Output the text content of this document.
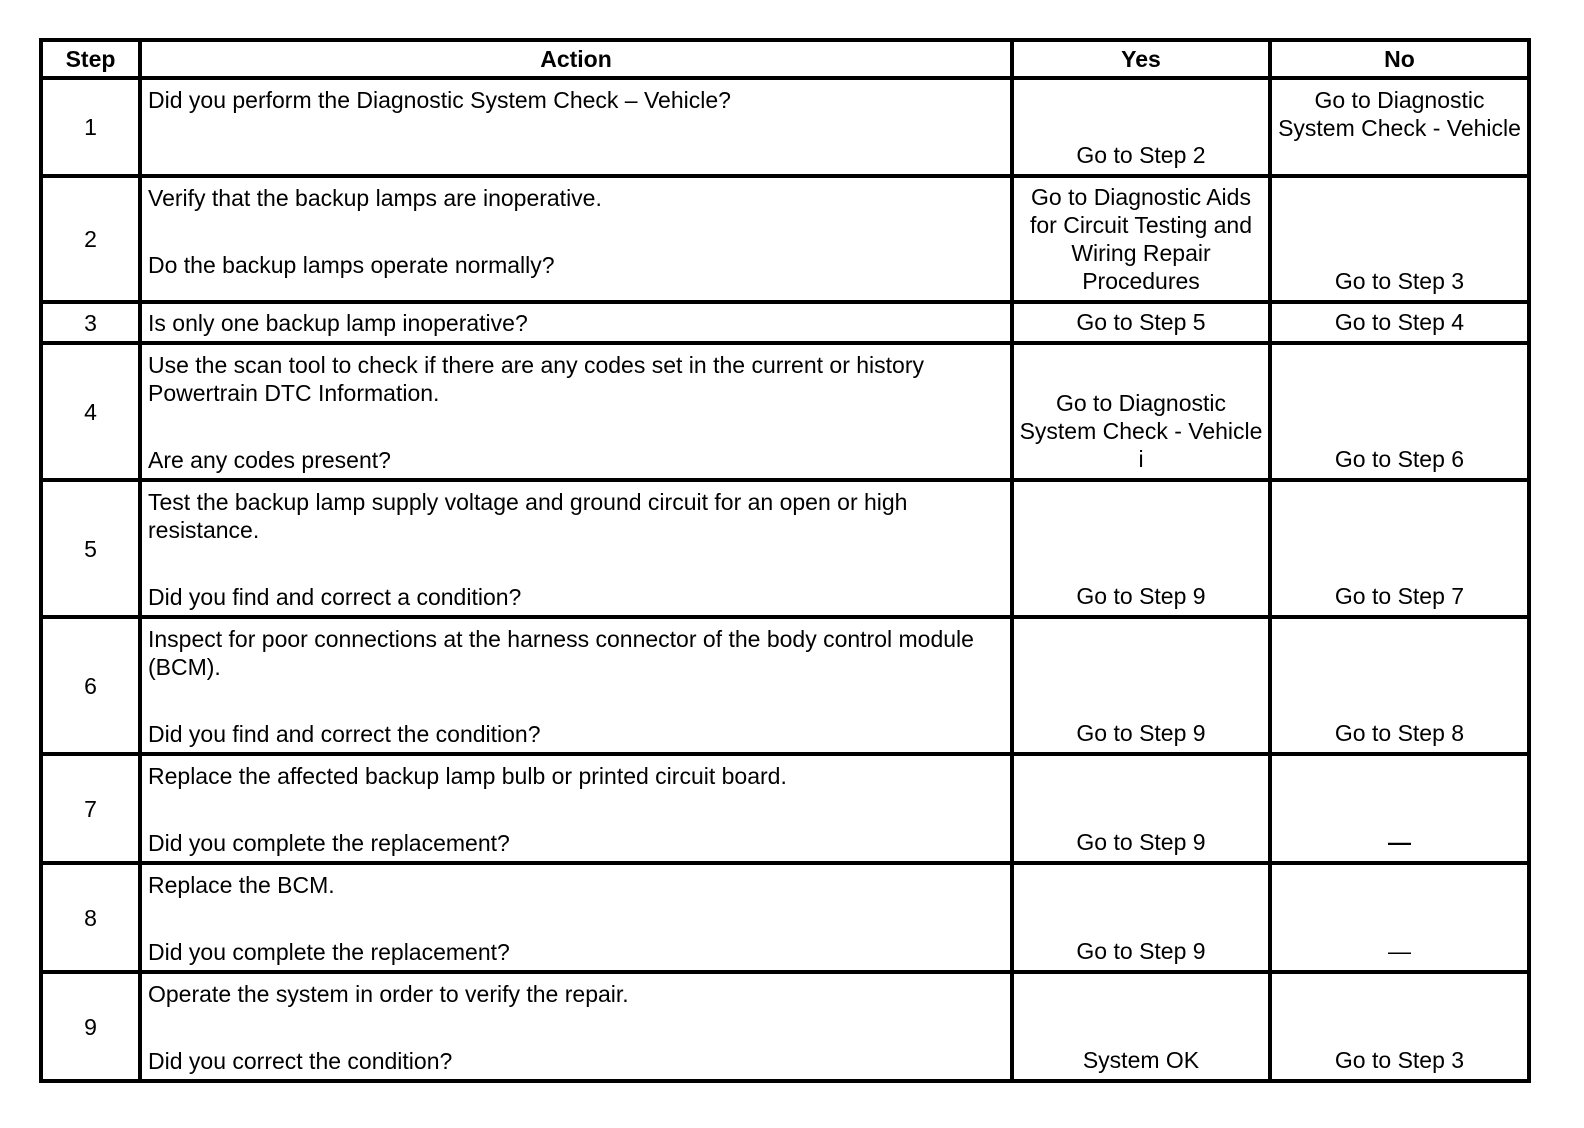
Step	Action	Yes	No
1	Did you perform the Diagnostic System Check – Vehicle?	Go to Step 2	Go to Diagnostic System Check - Vehicle
2	Verify that the backup lamps are inoperative.
Do the backup lamps operate normally?	Go to Diagnostic Aids for Circuit Testing and Wiring Repair Procedures	Go to Step 3
3	Is only one backup lamp inoperative?	Go to Step 5	Go to Step 4
4	Use the scan tool to check if there are any codes set in the current or history Powertrain DTC Information.
Are any codes present?	Go to Diagnostic System Check - Vehicle i	Go to Step 6
5	Test the backup lamp supply voltage and ground circuit for an open or high resistance.
Did you find and correct a condition?	Go to Step 9	Go to Step 7
6	Inspect for poor connections at the harness connector of the body control module (BCM).
Did you find and correct the condition?	Go to Step 9	Go to Step 8
7	Replace the affected backup lamp bulb or printed circuit board.
Did you complete the replacement?	Go to Step 9	—
8	Replace the BCM.
Did you complete the replacement?	Go to Step 9	—
9	Operate the system in order to verify the repair.
Did you correct the condition?	System OK	Go to Step 3
